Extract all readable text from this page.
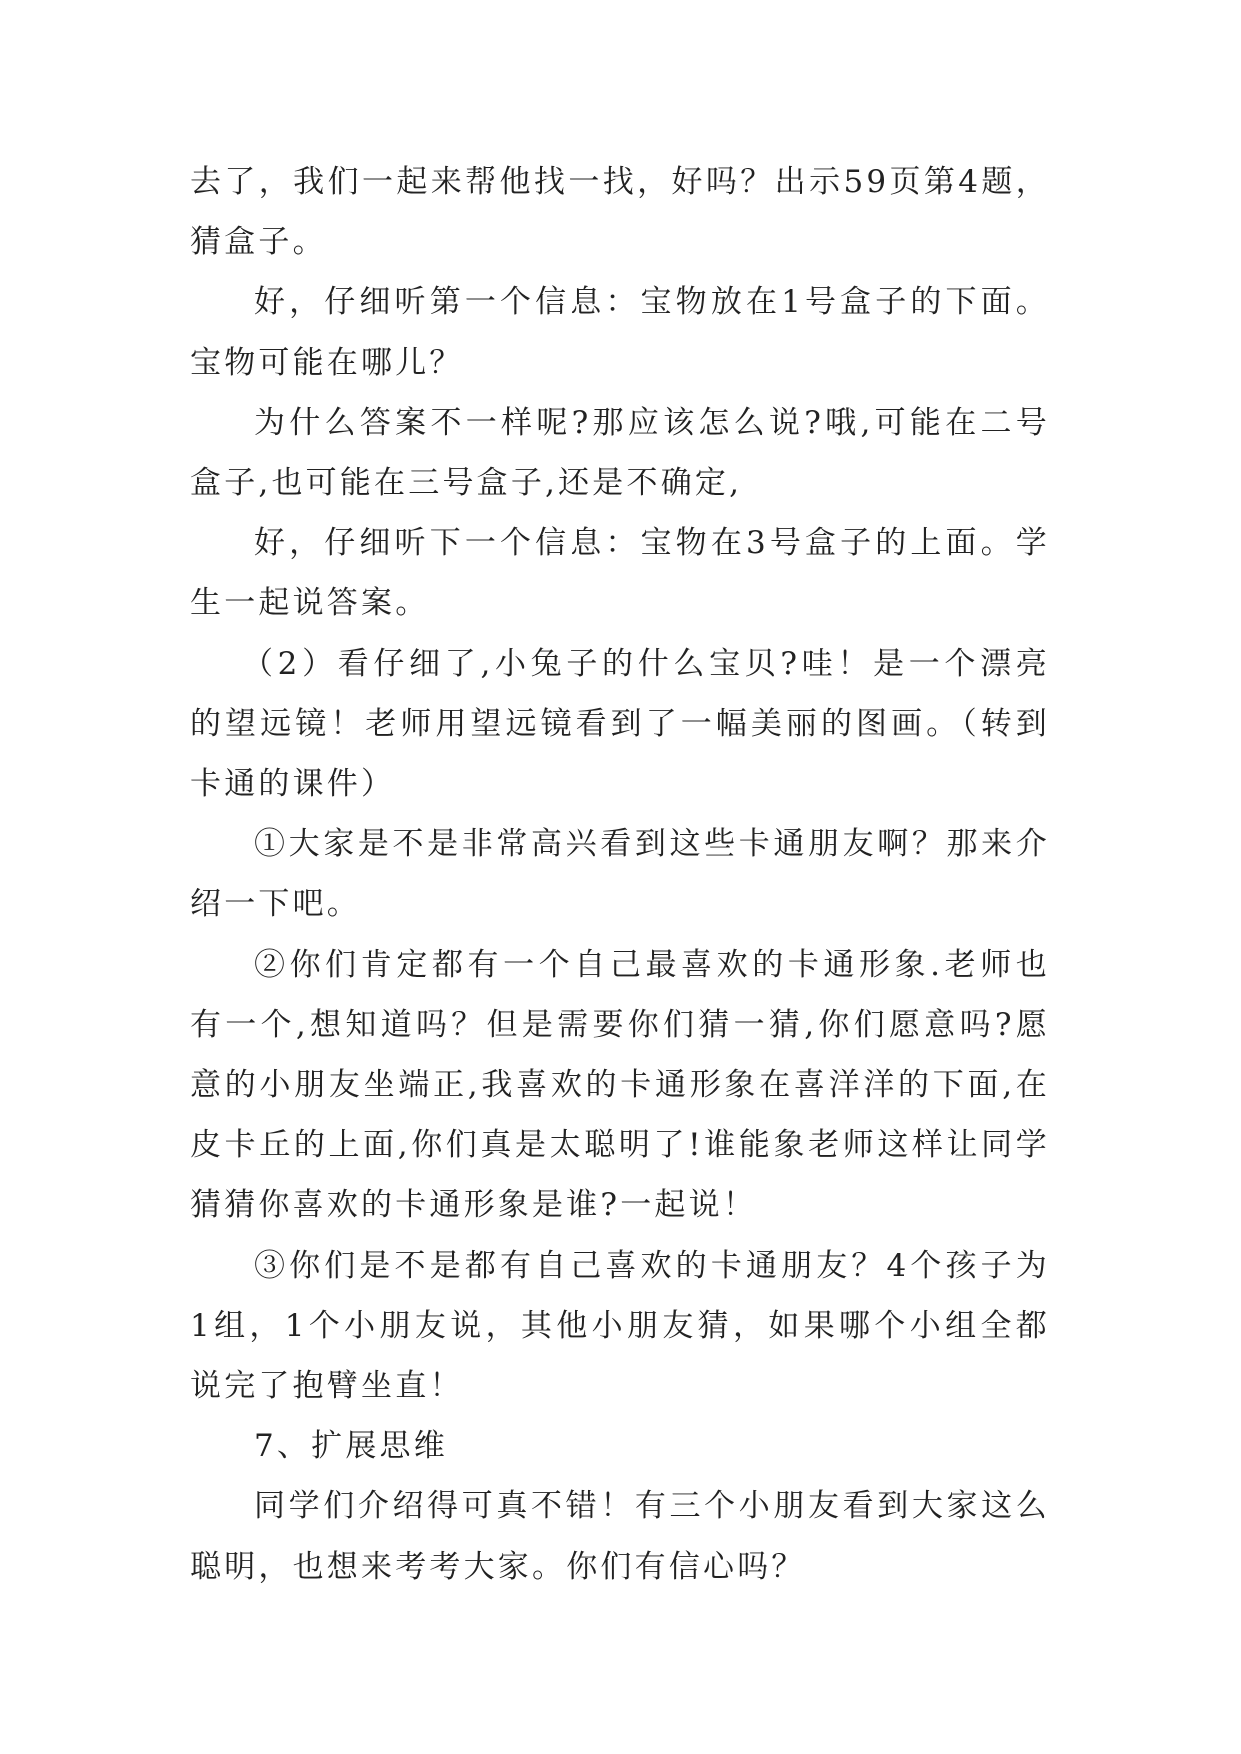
去了，我们一起来帮他找一找，好吗？出示59页第4题，猜盒子。

好，仔细听第一个信息：宝物放在1号盒子的下面。宝物可能在哪儿？

为什么答案不一样呢?那应该怎么说?哦,可能在二号盒子,也可能在三号盒子,还是不确定,

好，仔细听下一个信息：宝物在3号盒子的上面。学生一起说答案。

（2）看仔细了,小兔子的什么宝贝?哇！是一个漂亮的望远镜！老师用望远镜看到了一幅美丽的图画。（转到卡通的课件）

①大家是不是非常高兴看到这些卡通朋友啊？那来介绍一下吧。

②你们肯定都有一个自己最喜欢的卡通形象.老师也有一个,想知道吗？但是需要你们猜一猜,你们愿意吗?愿意的小朋友坐端正,我喜欢的卡通形象在喜洋洋的下面,在皮卡丘的上面,你们真是太聪明了!谁能象老师这样让同学猜猜你喜欢的卡通形象是谁?一起说！

③你们是不是都有自己喜欢的卡通朋友？4个孩子为1组，1个小朋友说，其他小朋友猜，如果哪个小组全都说完了抱臂坐直！

7、扩展思维

同学们介绍得可真不错！有三个小朋友看到大家这么聪明，也想来考考大家。你们有信心吗？
